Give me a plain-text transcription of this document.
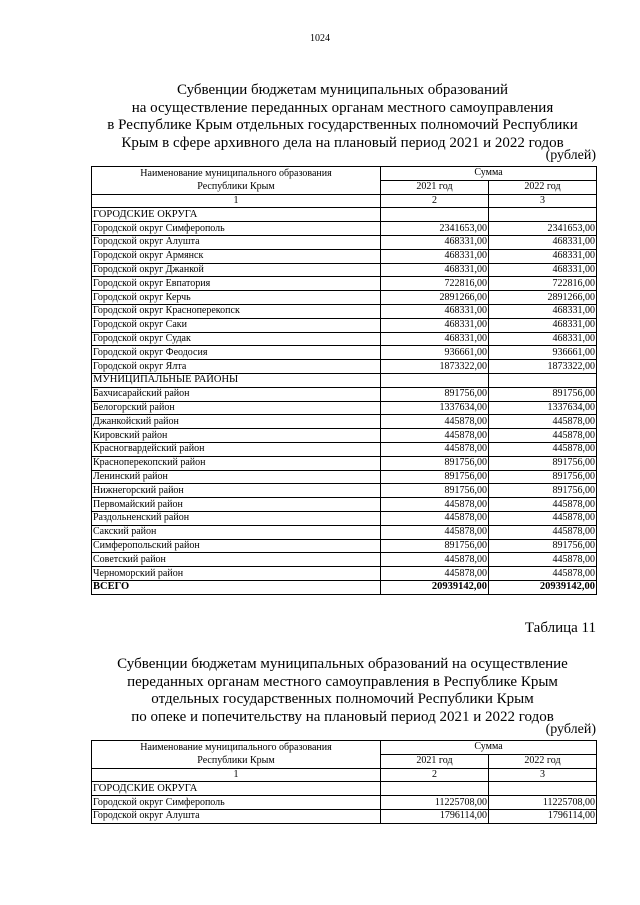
1024
Субвенции бюджетам муниципальных образований
на осуществление переданных органам местного самоуправления
в Республике Крым отдельных государственных полномочий Республики
Крым в сфере архивного дела на плановый период 2021 и 2022 годов
(рублей)
Наименование муниципального образования
Республики Крым	Сумма	
	2021 год	2022 год
1	2	3
ГОРОДСКИЕ ОКРУГА		
Городской округ Симферополь	2341653,00	2341653,00
Городской округ Алушта	468331,00	468331,00
Городской округ Армянск	468331,00	468331,00
Городской округ Джанкой	468331,00	468331,00
Городской округ Евпатория	722816,00	722816,00
Городской округ Керчь	2891266,00	2891266,00
Городской округ Красноперекопск	468331,00	468331,00
Городской округ Саки	468331,00	468331,00
Городской округ Судак	468331,00	468331,00
Городской округ Феодосия	936661,00	936661,00
Городской округ Ялта	1873322,00	1873322,00
МУНИЦИПАЛЬНЫЕ РАЙОНЫ		
Бахчисарайский район	891756,00	891756,00
Белогорский район	1337634,00	1337634,00
Джанкойский район	445878,00	445878,00
Кировский район	445878,00	445878,00
Красногвардейский район	445878,00	445878,00
Красноперекопский район	891756,00	891756,00
Ленинский район	891756,00	891756,00
Нижнегорский район	891756,00	891756,00
Первомайский район	445878,00	445878,00
Раздольненский район	445878,00	445878,00
Сакский район	445878,00	445878,00
Симферопольский район	891756,00	891756,00
Советский район	445878,00	445878,00
Черноморский район	445878,00	445878,00
ВСЕГО	20939142,00	20939142,00
Таблица 11
Субвенции бюджетам муниципальных образований на осуществление
переданных органам местного самоуправления в Республике Крым
отдельных государственных полномочий Республики Крым
по опеке и попечительству на плановый период 2021 и 2022 годов
(рублей)
Наименование муниципального образования
Республики Крым	Сумма	
	2021 год	2022 год
1	2	3
ГОРОДСКИЕ ОКРУГА		
Городской округ Симферополь	11225708,00	11225708,00
Городской округ Алушта	1796114,00	1796114,00
